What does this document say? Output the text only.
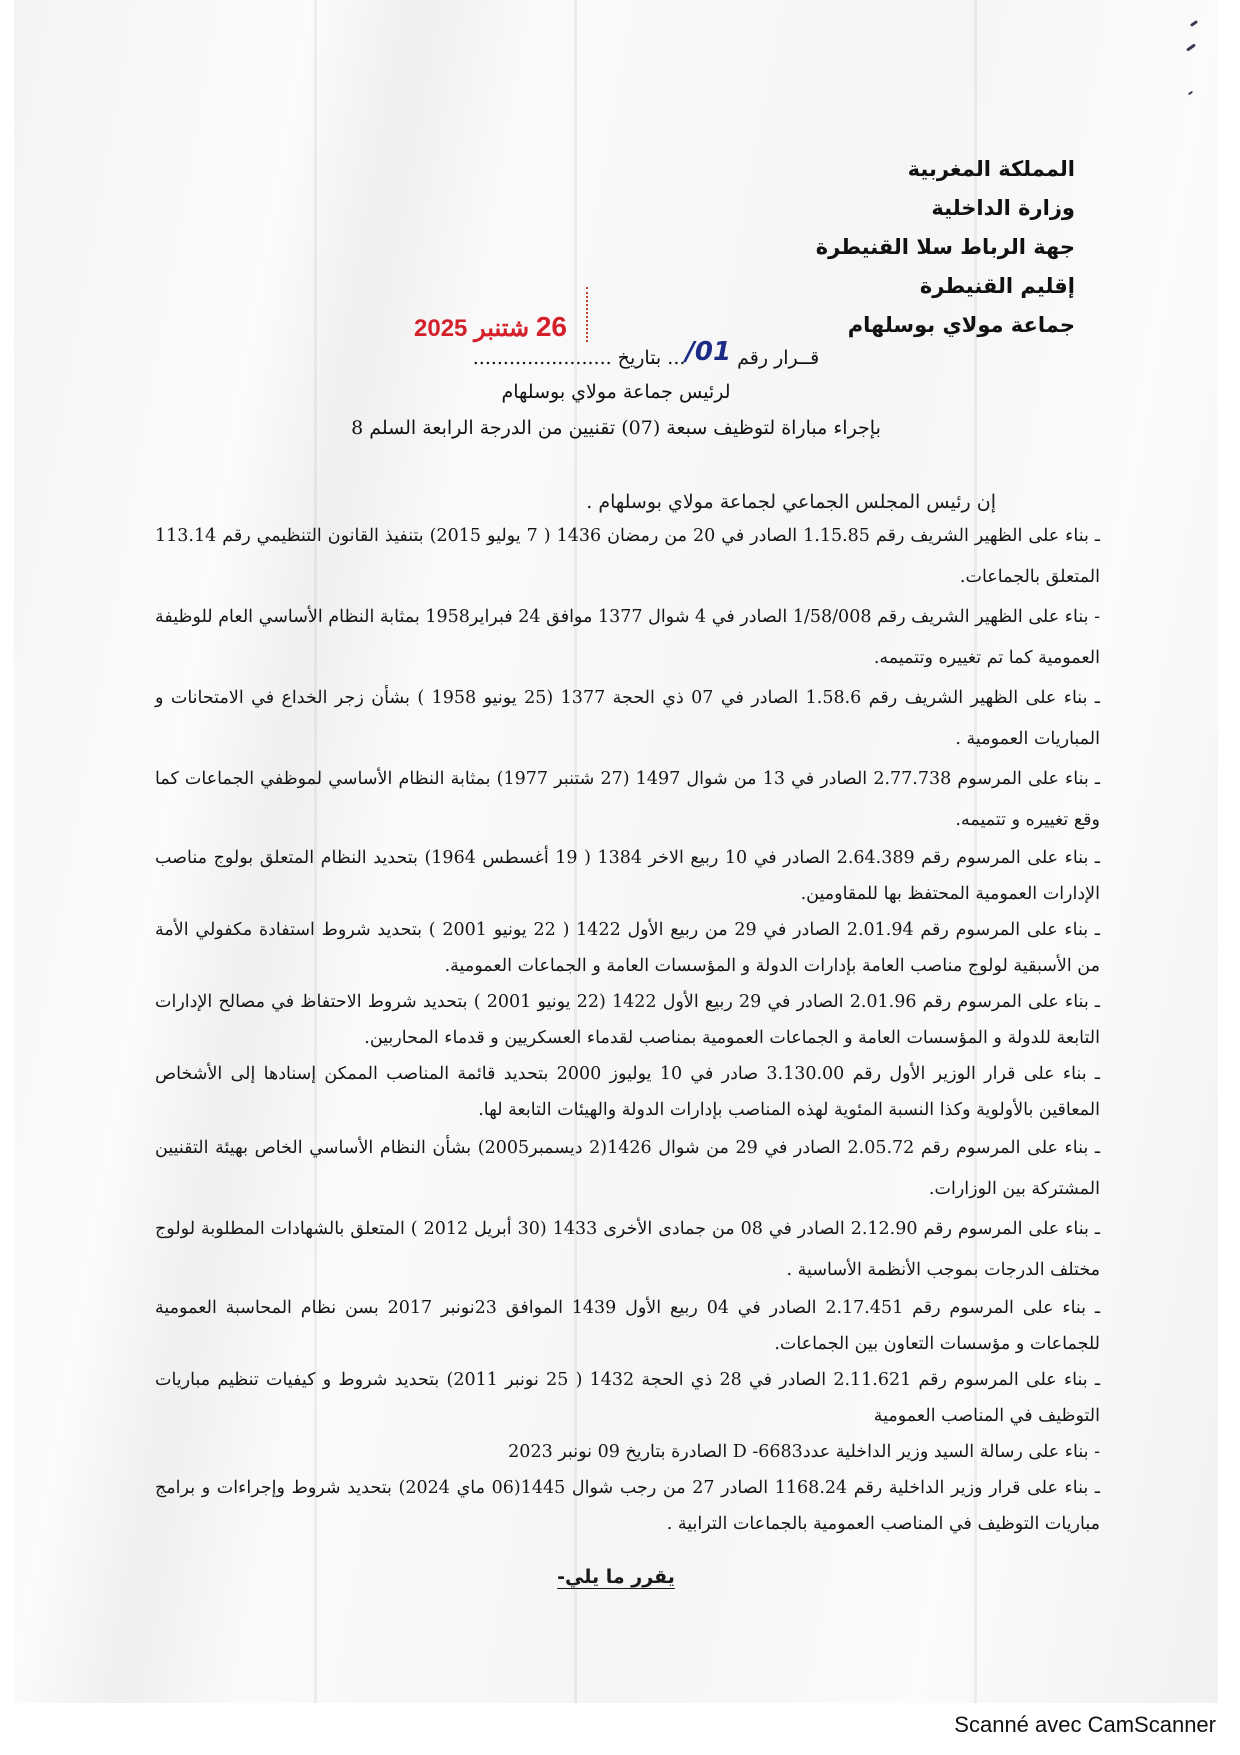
المملكة المغربية
وزارة الداخلية
جهة الرباط سلا القنيطرة
إقليم القنيطرة
جماعة مولاي بوسلهام
26 شتنبر 2025
قــرار رقم 01/... بتاريخ .......................
لرئيس جماعة مولاي بوسلهام
بإجراء مباراة لتوظيف سبعة (07) تقنيين من الدرجة الرابعة السلم 8
إن رئيس المجلس الجماعي لجماعة مولاي بوسلهام .

ـ بناء على الظهير الشريف رقم 1.15.85 الصادر في 20 من رمضان 1436 ( 7 يوليو 2015) بتنفيذ القانون التنظيمي رقم 113.14 المتعلق بالجماعات.

- بناء على الظهير الشريف رقم 1/58/008 الصادر في 4 شوال 1377 موافق 24 فبراير1958 بمثابة النظام الأساسي العام للوظيفة العمومية كما تم تغييره وتتميمه.

ـ بناء على الظهير الشريف رقم 1.58.6 الصادر في 07 ذي الحجة 1377 (25 يونيو 1958 ) بشأن زجر الخداع في الامتحانات و المباريات العمومية .

ـ بناء على المرسوم 2.77.738 الصادر في 13 من شوال 1497 (27 شتنبر 1977) بمثابة النظام الأساسي لموظفي الجماعات كما وقع تغييره و تتميمه.

ـ بناء على المرسوم رقم 2.64.389 الصادر في 10 ربيع الاخر 1384 ( 19 أغسطس 1964) بتحديد النظام المتعلق بولوج مناصب الإدارات العمومية المحتفظ بها للمقاومين.

ـ بناء على المرسوم رقم 2.01.94 الصادر في 29 من ربيع الأول 1422 ( 22 يونيو 2001 ) بتحديد شروط استفادة مكفولي الأمة من الأسبقية لولوج مناصب العامة بإدارات الدولة و المؤسسات العامة و الجماعات العمومية.

ـ بناء على المرسوم رقم 2.01.96 الصادر في 29 ربيع الأول 1422 (22 يونيو 2001 ) بتحديد شروط الاحتفاظ في مصالح الإدارات التابعة للدولة و المؤسسات العامة و الجماعات العمومية بمناصب لقدماء العسكريين و قدماء المحاربين.

ـ بناء على قرار الوزير الأول رقم 3.130.00 صادر في 10 يوليوز 2000 بتحديد قائمة المناصب الممكن إسنادها إلى الأشخاص المعاقين بالأولوية وكذا النسبة المئوية لهذه المناصب بإدارات الدولة والهيئات التابعة لها.

ـ بناء على المرسوم رقم 2.05.72 الصادر في 29 من شوال 1426(2 ديسمبر2005) بشأن النظام الأساسي الخاص بهيئة التقنيين المشتركة بين الوزارات.

ـ بناء على المرسوم رقم 2.12.90 الصادر في 08 من جمادى الأخرى 1433 (30 أبريل 2012 ) المتعلق بالشهادات المطلوبة لولوج مختلف الدرجات بموجب الأنظمة الأساسية .

ـ بناء على المرسوم رقم 2.17.451 الصادر في 04 ربيع الأول 1439 الموافق 23نونبر 2017 بسن نظام المحاسبة العمومية للجماعات و مؤسسات التعاون بين الجماعات.

ـ بناء على المرسوم رقم 2.11.621 الصادر في 28 ذي الحجة 1432 ( 25 نونبر 2011) بتحديد شروط و كيفيات تنظيم مباريات التوظيف في المناصب العمومية

- بناء على رسالة السيد وزير الداخلية عدد6683- D الصادرة بتاريخ 09 نونبر 2023

ـ بناء على قرار وزير الداخلية رقم 1168.24 الصادر 27 من رجب شوال 1445(06 ماي 2024) بتحديد شروط وإجراءات و برامج مباريات التوظيف في المناصب العمومية بالجماعات الترابية .

يقرر ما يلي-
Scanné avec CamScanner
